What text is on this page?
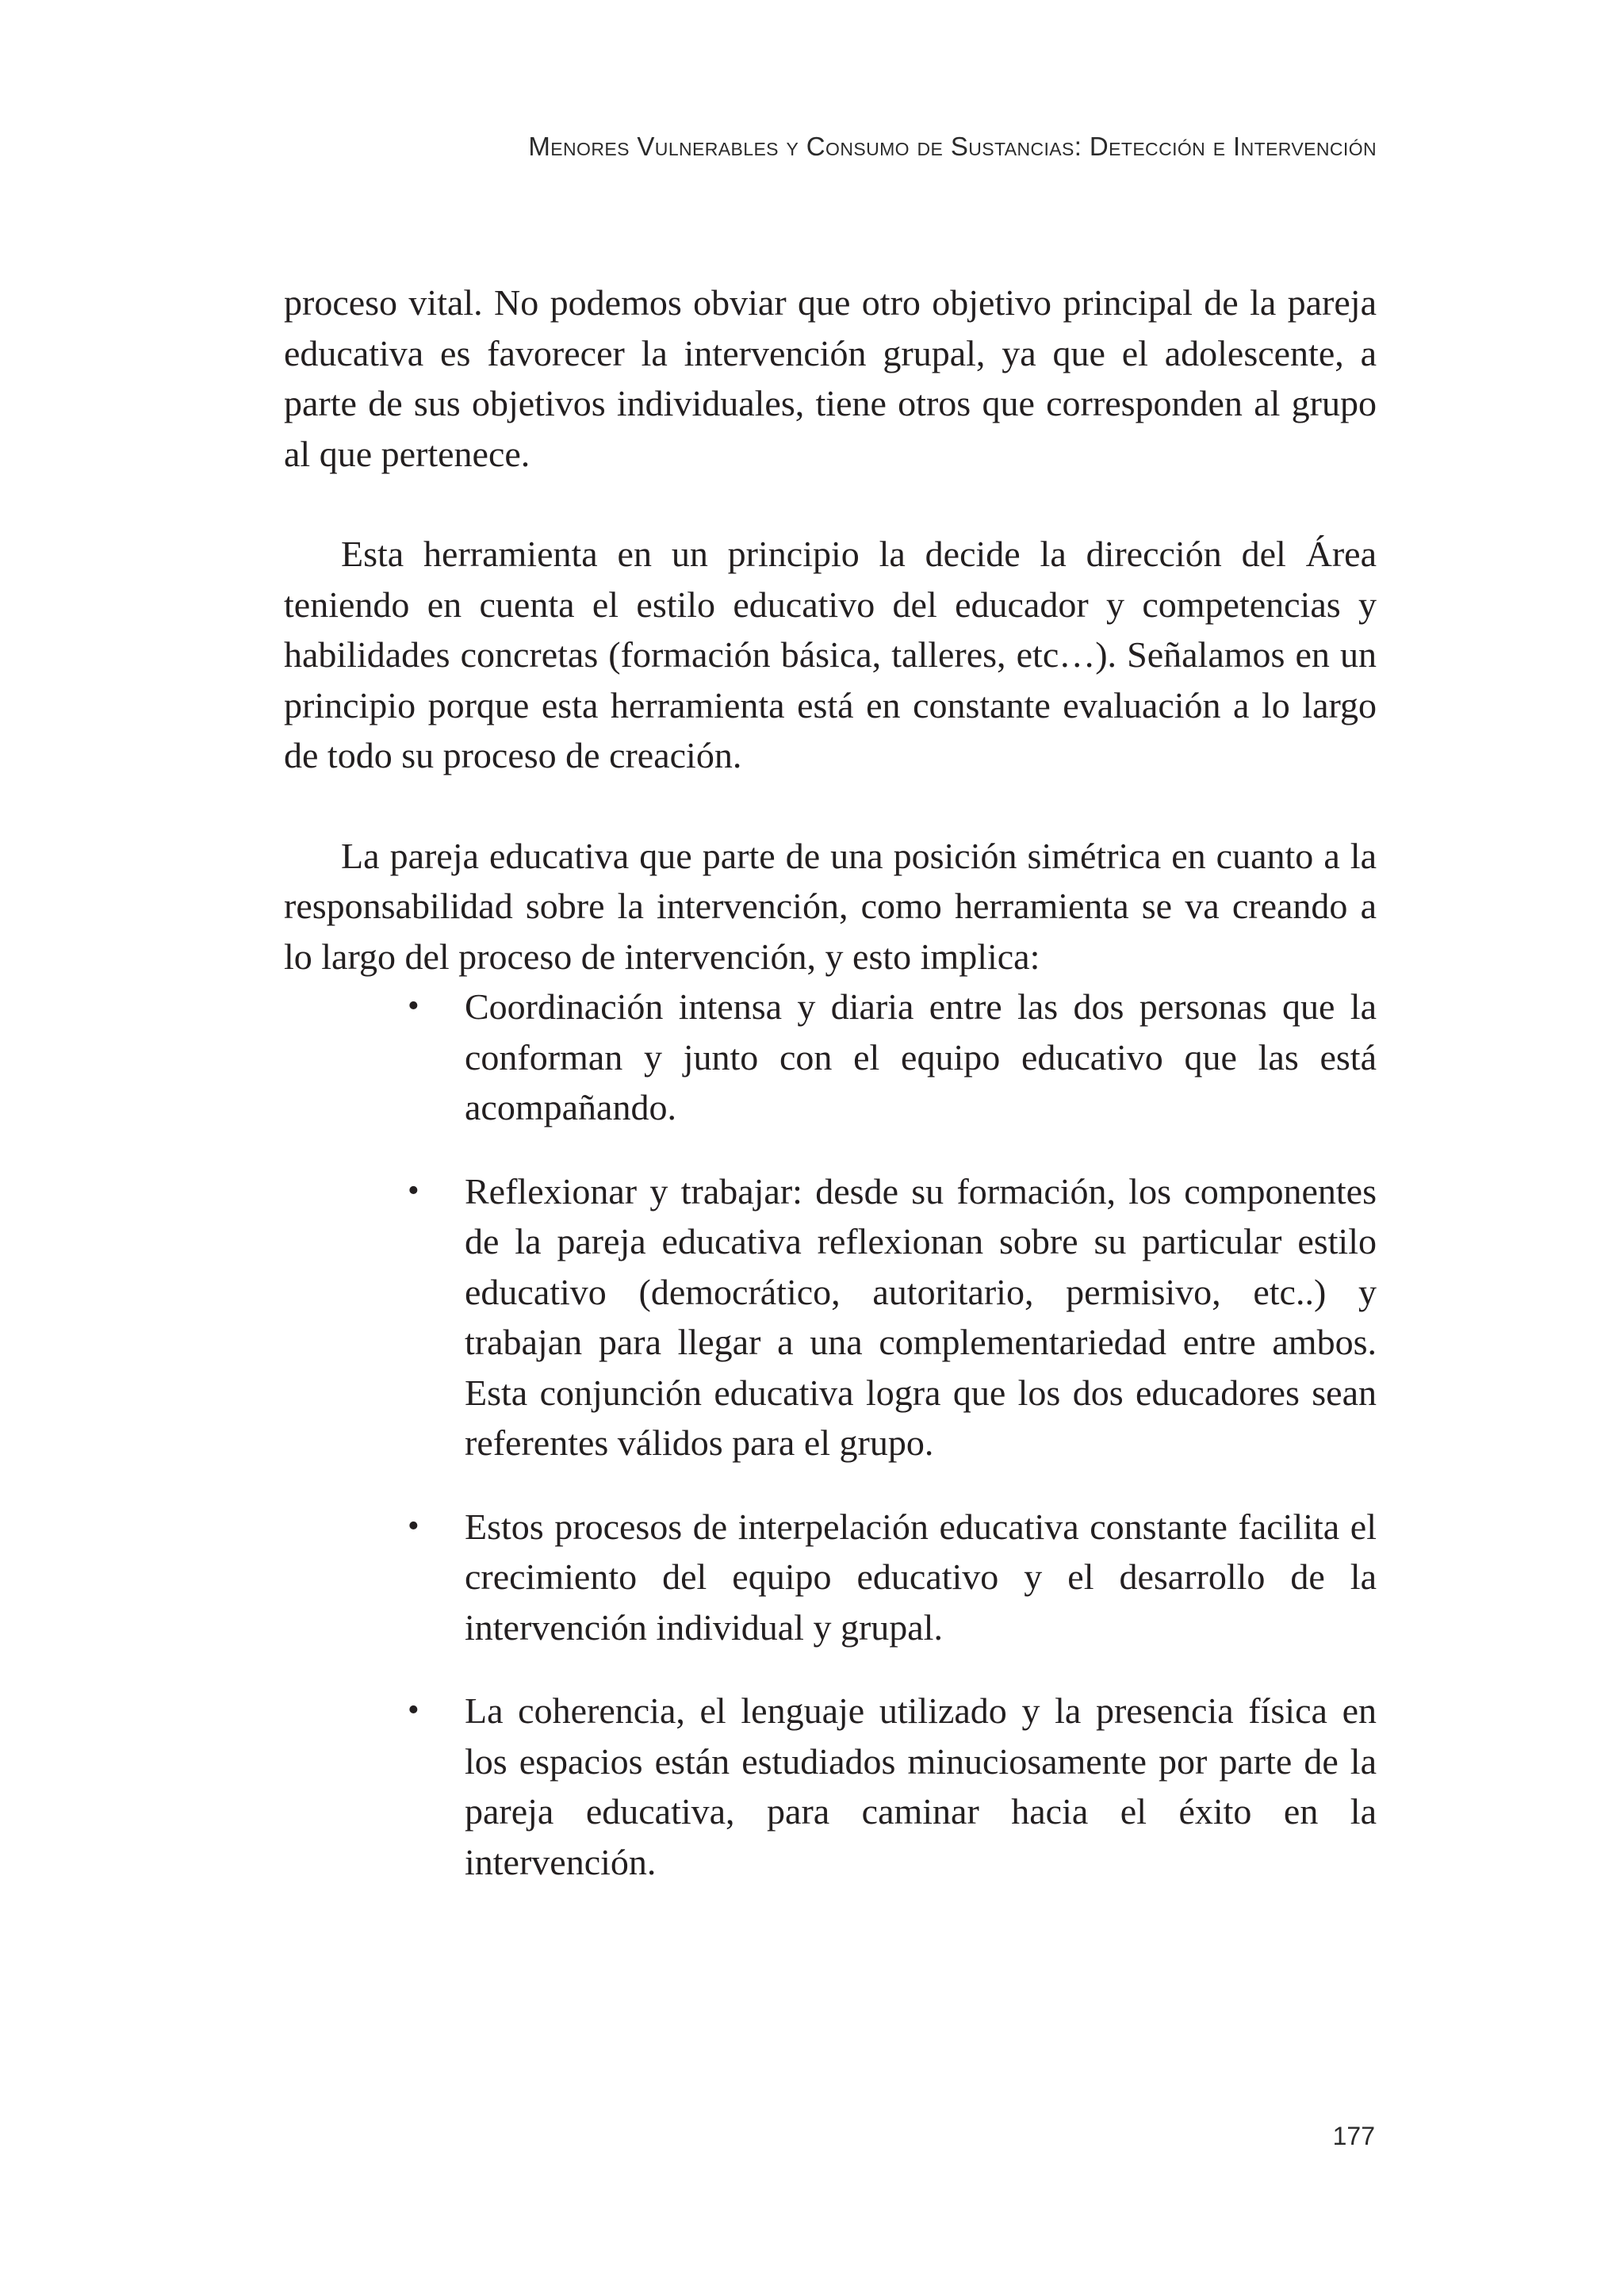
Menores Vulnerables y Consumo de Sustancias: Detección e Intervención

proceso vital. No podemos obviar que otro objetivo principal de la pareja educativa es favorecer la intervención grupal, ya que el adolescente, a parte de sus objetivos individuales, tiene otros que corresponden al grupo al que pertenece.

Esta herramienta en un principio la decide la dirección del Área teniendo en cuenta el estilo educativo del educador y competencias y habilidades concretas (formación básica, talleres, etc…). Señalamos en un principio porque esta herramienta está en constante evaluación a lo largo de todo su proceso de creación.

La pareja educativa que parte de una posición simétrica en cuanto a la responsabilidad sobre la intervención, como herramienta se va creando a lo largo del proceso de intervención, y esto implica:

• Coordinación intensa y diaria entre las dos personas que la conforman y junto con el equipo educativo que las está acompañando.
• Reflexionar y trabajar: desde su formación, los componentes de la pareja educativa reflexionan sobre su particular estilo educativo (democrático, autoritario, permisivo, etc..) y trabajan para llegar a una complementariedad entre ambos. Esta conjunción educativa logra que los dos educadores sean referentes válidos para el grupo.
• Estos procesos de interpelación educativa constante facilita el crecimiento del equipo educativo y el desarrollo de la intervención individual y grupal.
• La coherencia, el lenguaje utilizado y la presencia física en los espacios están estudiados minuciosamente por parte de la pareja educativa, para caminar hacia el éxito en la intervención.
177
